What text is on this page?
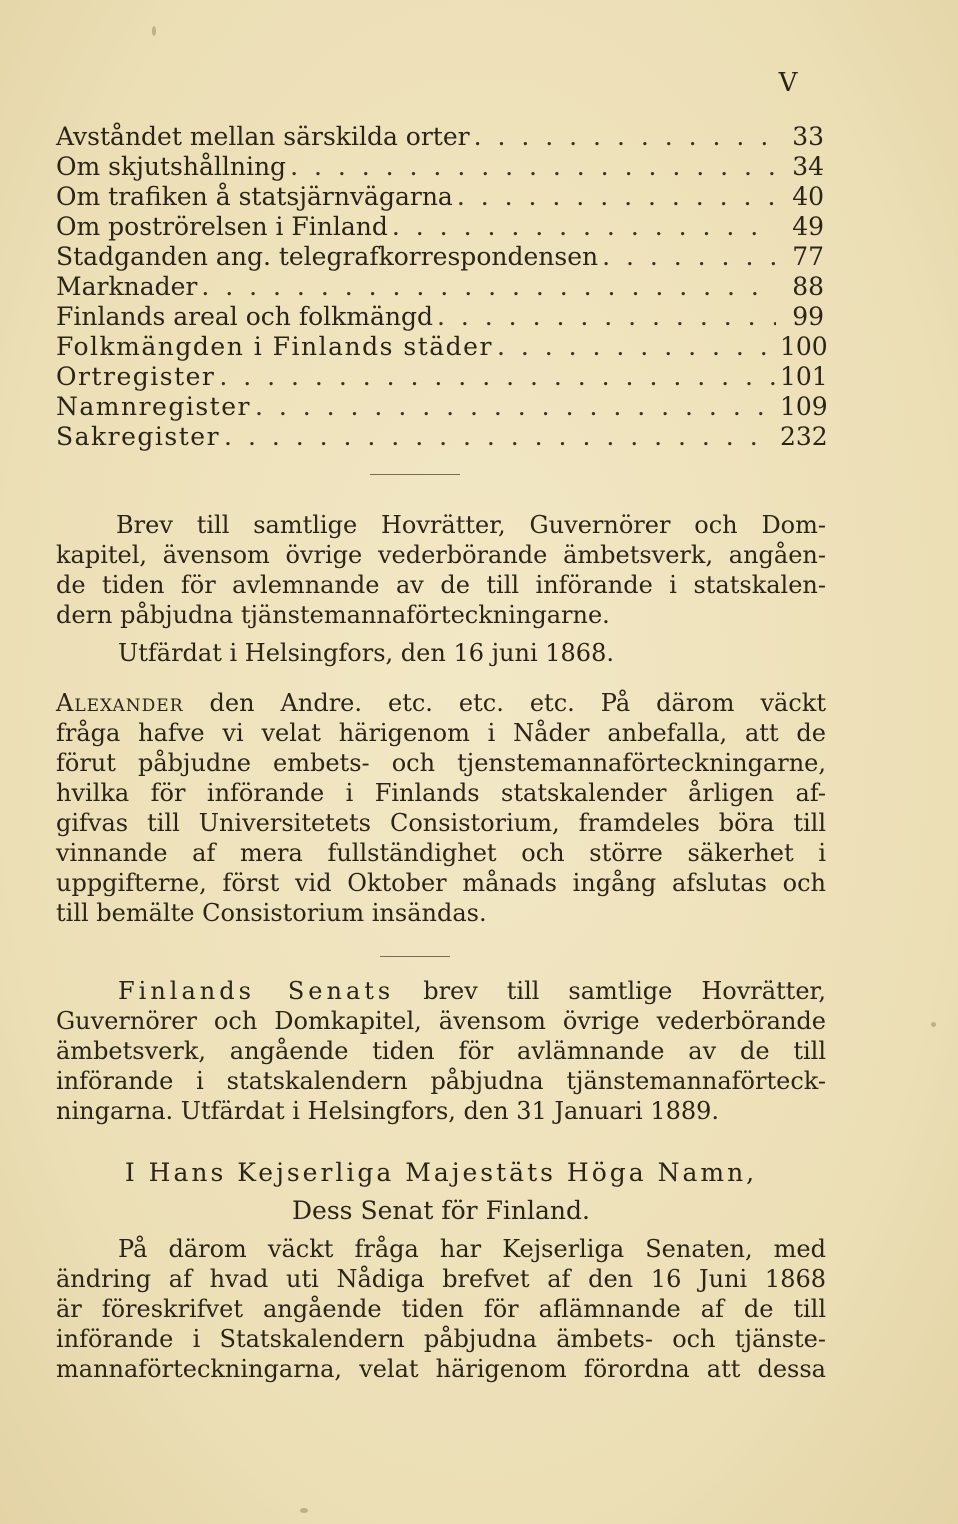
V
Avståndet mellan särskilda orter . . .	33
Om skjutshållning . . .	34
Om trafiken å statsjärnvägarna . . .	40
Om poströrelsen i Finland . . .	49
Stadganden ang. telegrafkorrespondensen . . .	77
Marknader . . .	88
Finlands areal och folkmängd . . .	99
Folkmängden i Finlands städer . . .	100
Ortregister . . .	101
Namnregister . . .	109
Sakregister . . .	232
Brev till samtlige Hovrätter, Guvernörer och Dom-
kapitel, ävensom övrige vederbörande ämbetsverk, angåen-
de tiden för avlemnande av de till införande i statskalen-
dern påbjudna tjänstemannaförteckningarne.
Utfärdat i Helsingfors, den 16 juni 1868.
Alexander den Andre. etc. etc. etc. På därom väckt
fråga hafve vi velat härigenom i Nåder anbefalla, att de
förut påbjudne embets- och tjenstemannaförteckningarne,
hvilka för införande i Finlands statskalender årligen af-
gifvas till Universitetets Consistorium, framdeles böra till
vinnande af mera fullständighet och större säkerhet i
uppgifterne, först vid Oktober månads ingång afslutas och
till bemälte Consistorium insändas.
Finlands Senats brev till samtlige Hovrätter,
Guvernörer och Domkapitel, ävensom övrige vederbörande
ämbetsverk, angående tiden för avlämnande av de till
införande i statskalendern påbjudna tjänstemannaförteck-
ningarna. Utfärdat i Helsingfors, den 31 Januari 1889.
I Hans Kejserliga Majestäts Höga Namn,
Dess Senat för Finland.
På därom väckt fråga har Kejserliga Senaten, med
ändring af hvad uti Nådiga brefvet af den 16 Juni 1868
är föreskrifvet angående tiden för aflämnande af de till
införande i Statskalendern påbjudna ämbets- och tjänste-
mannaförteckningarna, velat härigenom förordna att dessa
